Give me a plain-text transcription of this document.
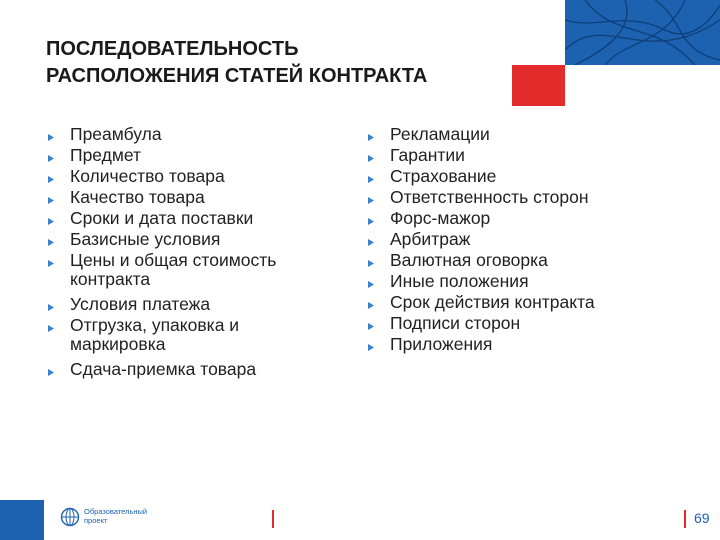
ПОСЛЕДОВАТЕЛЬНОСТЬ
РАСПОЛОЖЕНИЯ СТАТЕЙ КОНТРАКТА
Преамбула
Предмет
Количество товара
Качество товара
Сроки и дата поставки
Базисные условия
Цены и общая стоимость
контракта
Условия платежа
Отгрузка, упаковка и
маркировка
Сдача-приемка товара
Рекламации
Гарантии
Страхование
Ответственность сторон
Форс-мажор
Арбитраж
Валютная оговорка
Иные положения
Срок действия контракта
Подписи сторон
Приложения
Образовательный
проект	69
